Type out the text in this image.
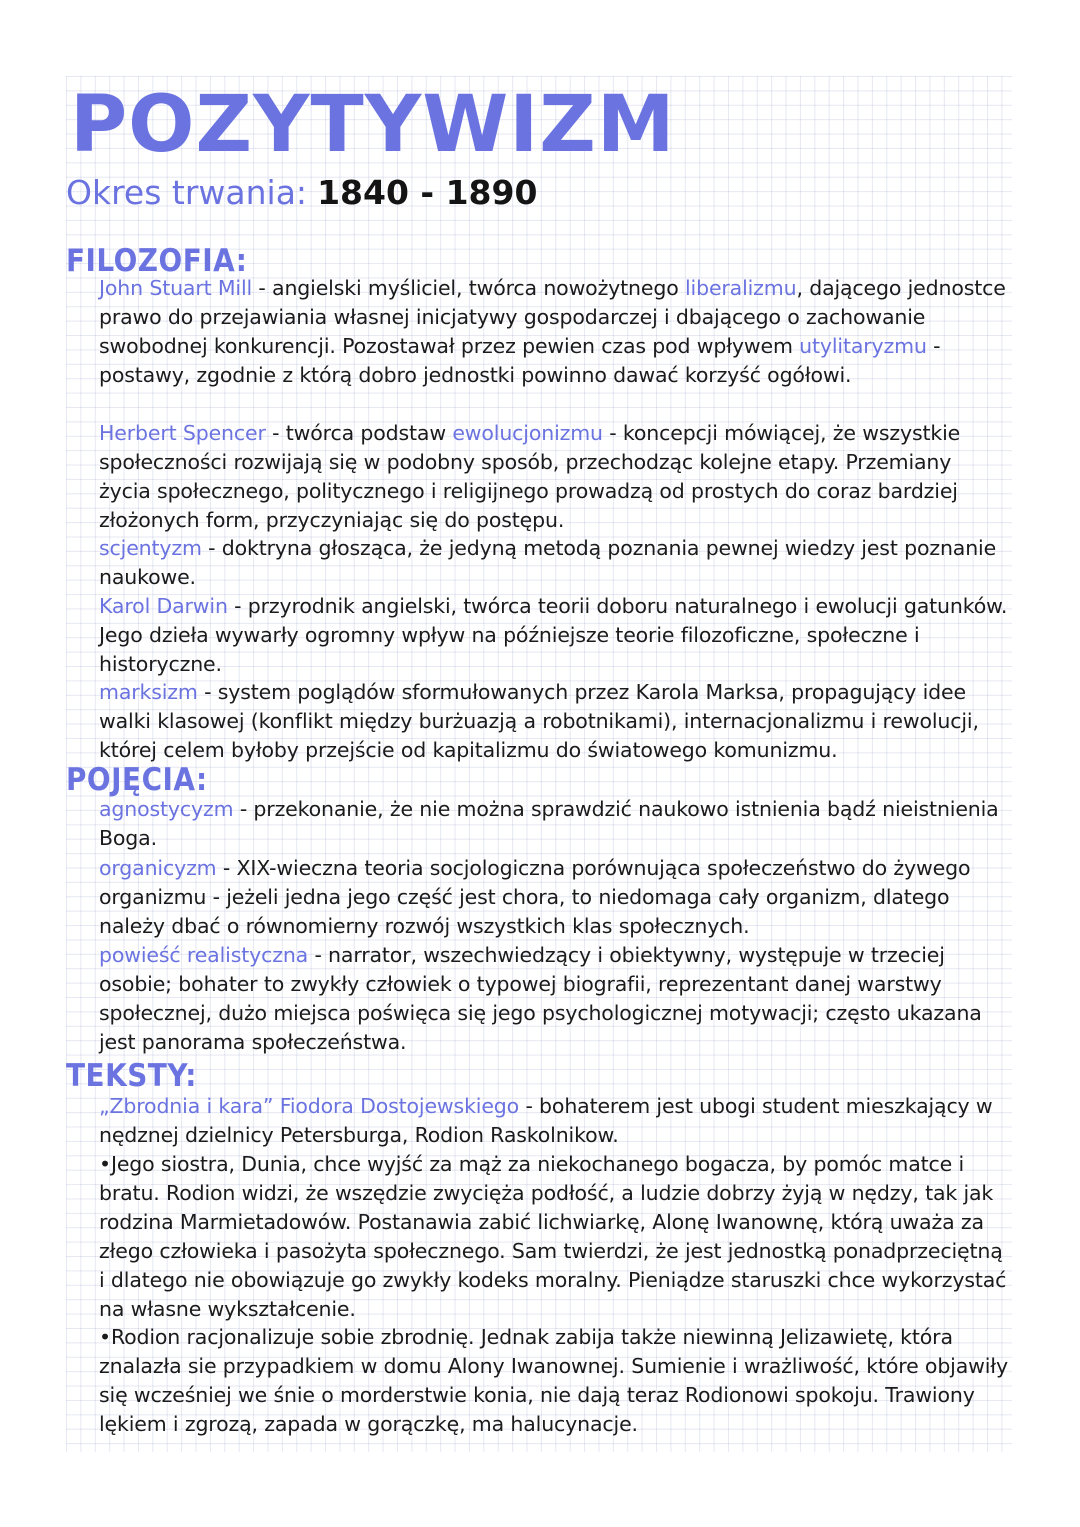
POZYTYWIZM
Okres trwania: 1840 - 1890
FILOZOFIA:

John Stuart Mill - angielski myśliciel, twórca nowożytnego liberalizmu, dającego jednostce prawo do przejawiania własnej inicjatywy gospodarczej i dbającego o zachowanie swobodnej konkurencji. Pozostawał przez pewien czas pod wpływem utylitaryzmu - postawy, zgodnie z którą dobro jednostki powinno dawać korzyść ogółowi.

Herbert Spencer - twórca podstaw ewolucjonizmu - koncepcji mówiącej, że wszystkie społeczności rozwijają się w podobny sposób, przechodząc kolejne etapy. Przemiany życia społecznego, politycznego i religijnego prowadzą od prostych do coraz bardziej złożonych form, przyczyniając się do postępu.

scjentyzm - doktryna głosząca, że jedyną metodą poznania pewnej wiedzy jest poznanie naukowe.

Karol Darwin - przyrodnik angielski, twórca teorii doboru naturalnego i ewolucji gatunków. Jego dzieła wywarły ogromny wpływ na późniejsze teorie filozoficzne, społeczne i historyczne.

marksizm - system poglądów sformułowanych przez Karola Marksa, propagujący idee walki klasowej (konflikt między burżuazją a robotnikami), internacjonalizmu i rewolucji, której celem byłoby przejście od kapitalizmu do światowego komunizmu.

POJĘCIA:

agnostycyzm - przekonanie, że nie można sprawdzić naukowo istnienia bądź nieistnienia Boga.

organicyzm - XIX-wieczna teoria socjologiczna porównująca społeczeństwo do żywego organizmu - jeżeli jedna jego część jest chora, to niedomaga cały organizm, dlatego należy dbać o równomierny rozwój wszystkich klas społecznych.

powieść realistyczna - narrator, wszechwiedzący i obiektywny, występuje w trzeciej osobie; bohater to zwykły człowiek o typowej biografii, reprezentant danej warstwy społecznej, dużo miejsca poświęca się jego psychologicznej motywacji; często ukazana jest panorama społeczeństwa.

TEKSTY:

„Zbrodnia i kara” Fiodora Dostojewskiego - bohaterem jest ubogi student mieszkający w nędznej dzielnicy Petersburga, Rodion Raskolnikow.

•Jego siostra, Dunia, chce wyjść za mąż za niekochanego bogacza, by pomóc matce i bratu. Rodion widzi, że wszędzie zwycięża podłość, a ludzie dobrzy żyją w nędzy, tak jak rodzina Marmietadowów. Postanawia zabić lichwiarkę, Alonę Iwanownę, którą uważa za złego człowieka i pasożyta społecznego. Sam twierdzi, że jest jednostką ponadprzeciętną i dlatego nie obowiązuje go zwykły kodeks moralny. Pieniądze staruszki chce wykorzystać na własne wykształcenie.

•Rodion racjonalizuje sobie zbrodnię. Jednak zabija także niewinną Jelizawietę, która znalazła sie przypadkiem w domu Alony Iwanownej. Sumienie i wrażliwość, które objawiły się wcześniej we śnie o morderstwie konia, nie dają teraz Rodionowi spokoju. Trawiony lękiem i zgrozą, zapada w gorączkę, ma halucynacje.
